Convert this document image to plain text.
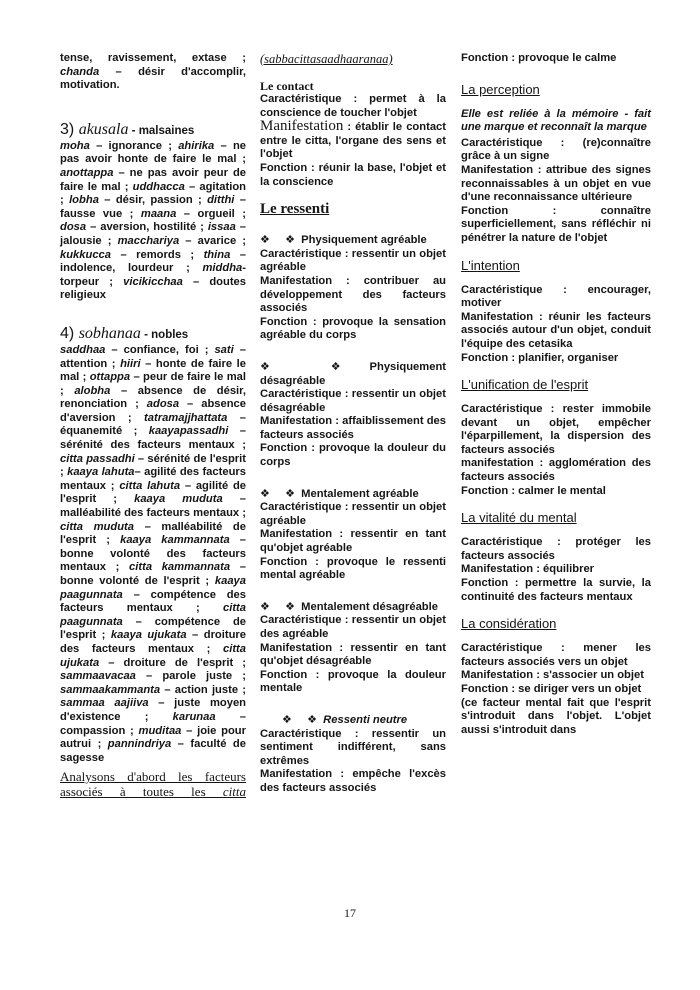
tense, ravissement, extase ; chanda – désir d'accomplir, motivation.

3) akusala - malsaines

moha – ignorance ; ahirika – ne pas avoir honte de faire le mal ; anottappa – ne pas avoir peur de faire le mal ; uddhacca – agitation ; lobha – désir, passion ; ditthi – fausse vue ; maana – orgueil ; dosa – aversion, hostilité ; issaa – jalousie ; macchariya – avarice ; kukkucca – remords ; thina – indolence, lourdeur ; middha-torpeur ; vicikicchaa – doutes religieux

4) sobhanaa - nobles

saddhaa – confiance, foi ; sati – attention ; hiiri – honte de faire le mal ; ottappa – peur de faire le mal ; alobha – absence de désir, renonciation ; adosa – absence d'aversion ; tatramajjhattata – équanemité ; kaayapassadhi – sérénité des facteurs mentaux ; citta passadhi – sérénité de l'esprit ; kaaya lahuta– agilité des facteurs mentaux ; citta lahuta – agilité de l'esprit ; kaaya muduta – malléabilité des facteurs mentaux ; citta muduta – malléabilité de l'esprit ; kaaya kammannata – bonne volonté des facteurs mentaux ; citta kammannata – bonne volonté de l'esprit ; kaaya paagunnata – compétence des facteurs mentaux ; citta paagunnata – compétence de l'esprit ; kaaya ujukata – droiture des facteurs mentaux ; citta ujukata – droiture de l'esprit ; sammaavacaa – parole juste ; sammaakammanta – action juste ; sammaa aajiiva – juste moyen d'existence ; karunaa – compassion ; muditaa – joie pour autrui ; pannindriya – faculté de sagesse

Analysons d'abord les facteurs associés à toutes les citta

(sabbacittasaadhaaranaa)

Le contact

Caractéristique : permet à la conscience de toucher l'objet

Manifestation : établir le contact entre le citta, l'organe des sens et l'objet

Fonction : réunir la base, l'objet et la conscience

Le ressenti

❖ ❖Physiquement agréable

Caractéristique : ressentir un objet agréable

Manifestation : contribuer au développement des facteurs associés

Fonction : provoque la sensation agréable du corps

❖ ❖Physiquement désagréable

Caractéristique : ressentir un objet désagréable

Manifestation : affaiblissement des facteurs associés

Fonction : provoque la douleur du corps

❖ ❖Mentalement agréable

Caractéristique : ressentir un objet agréable

Manifestation : ressentir en tant qu'objet agréable

Fonction : provoque le ressenti mental agréable

❖ ❖Mentalement désagréable

Caractéristique : ressentir un objet des agréable

Manifestation : ressentir en tant qu'objet désagréable

Fonction : provoque la douleur mentale

❖ ❖Ressenti neutre

Caractéristique : ressentir un sentiment indifférent, sans extrêmes

Manifestation : empêche l'excès des facteurs associés

Fonction : provoque le calme

La perception

Elle est reliée à la mémoire - fait une marque et reconnaît la marque

Caractéristique : (re)connaître grâce à un signe

Manifestation : attribue des signes reconnaissables à un objet en vue d'une reconnaissance ultérieure

Fonction : connaître superficiellement, sans réfléchir ni pénétrer la nature de l'objet

L'intention

Caractéristique : encourager, motiver

Manifestation : réunir les facteurs associés autour d'un objet, conduit l'équipe des cetasika

Fonction : planifier, organiser

L'unification de l'esprit

Caractéristique : rester immobile devant un objet, empêcher l'éparpillement, la dispersion des facteurs associés

manifestation : agglomération des facteurs associés

Fonction : calmer le mental

La vitalité du mental

Caractéristique : protéger les facteurs associés

Manifestation : équilibrer

Fonction : permettre la survie, la continuité des facteurs mentaux

La considération

Caractéristique : mener les facteurs associés vers un objet

Manifestation : s'associer un objet

Fonction : se diriger vers un objet

(ce facteur mental fait que l'esprit s'introduit dans l'objet. L'objet aussi s'introduit dans

17
